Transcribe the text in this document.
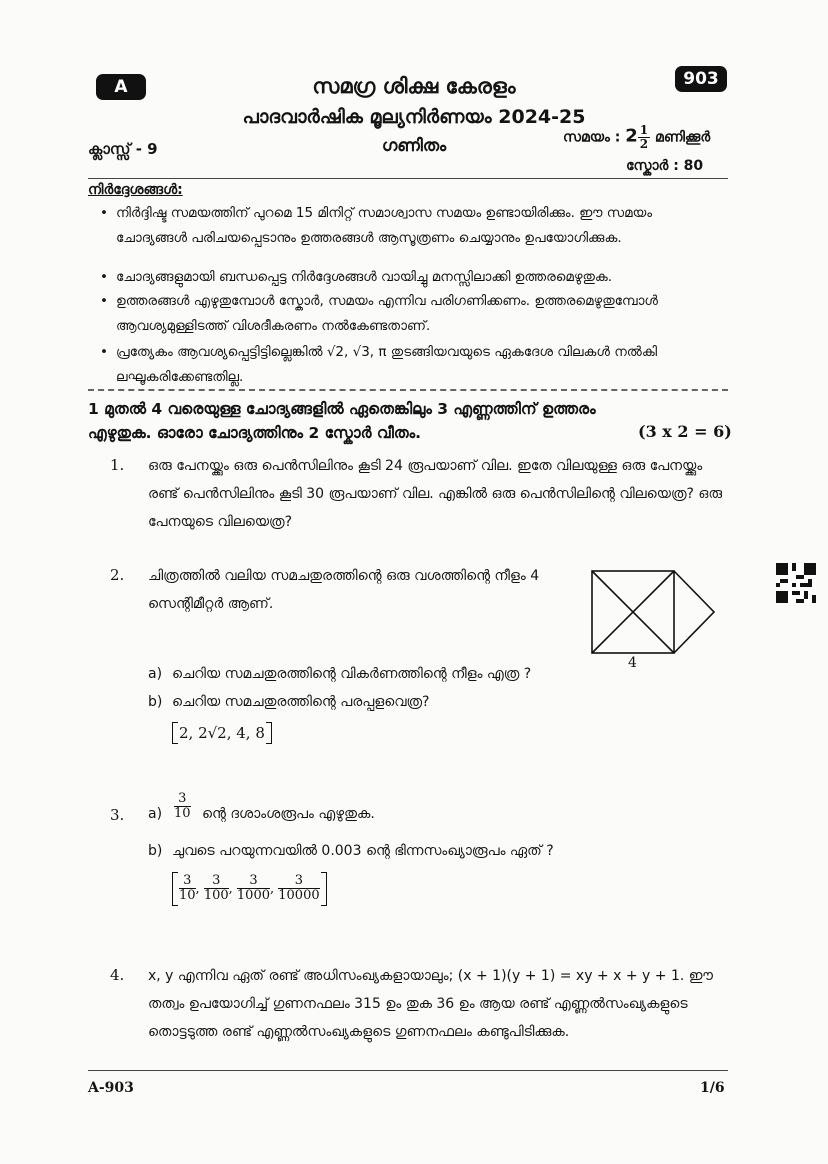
A	903
സമഗ്ര ശിക്ഷ കേരളം
പാദവാർഷിക മൂല്യനിർണയം 2024-25
ക്ലാസ്സ് - 9	ഗണിതം	സമയം : $2 \frac{1}{2}$ മണിക്കൂർ
സ്കോർ : 80
നിർദ്ദേശങ്ങൾ:
• നിർദ്ദിഷ്ട സമയത്തിന് പുറമെ 15 മിനിറ്റ് സമാശ്വാസ സമയം ഉണ്ടായിരിക്കും. ഈ സമയം ചോദ്യങ്ങൾ പരിചയപ്പെടാനും ഉത്തരങ്ങൾ ആസൂത്രണം ചെയ്യാനും ഉപയോഗിക്കുക.
• ചോദ്യങ്ങളുമായി ബന്ധപ്പെട്ട നിർദ്ദേശങ്ങൾ വായിച്ചു മനസ്സിലാക്കി ഉത്തരമെഴുതുക.
• ഉത്തരങ്ങൾ എഴുതുമ്പോൾ സ്കോർ, സമയം എന്നിവ പരിഗണിക്കണം. ഉത്തരമെഴുതുമ്പോൾ ആവശ്യമുള്ളിടത്ത് വിശദീകരണം നൽകേണ്ടതാണ്.
• പ്രത്യേകം ആവശ്യപ്പെട്ടിട്ടില്ലെങ്കിൽ √2, √3, π തുടങ്ങിയവയുടെ ഏകദേശ വിലകൾ നൽകി ലഘൂകരിക്കേണ്ടതില്ല.
1 മുതൽ 4 വരെയുള്ള ചോദ്യങ്ങളിൽ ഏതെങ്കിലും 3 എണ്ണത്തിന് ഉത്തരം
എഴുതുക. ഓരോ ചോദ്യത്തിനും 2 സ്കോർ വീതം.	(3 x 2 = 6)
1. ഒരു പേനയ്ക്കും ഒരു പെൻസിലിനും കൂടി 24 രൂപയാണ് വില. ഇതേ വിലയുള്ള ഒരു പേനയ്ക്കും രണ്ട് പെൻസിലിനും കൂടി 30 രൂപയാണ് വില. എങ്കിൽ ഒരു പെൻസിലിന്റെ വിലയെത്ര? ഒരു പേനയുടെ വിലയെത്ര?
2. ചിത്രത്തിൽ വലിയ സമചതുരത്തിന്റെ ഒരു വശത്തിന്റെ നീളം 4 സെന്റിമീറ്റർ ആണ്.
4
a) ചെറിയ സമചതുരത്തിന്റെ വികർണത്തിന്റെ നീളം എത്ര ?
b) ചെറിയ സമചതുരത്തിന്റെ പരപ്പളവെത്ര?
2, 2√2, 4, 8
3. $a) \frac{3}{10}$ ന്റെ ദശാംശരൂപം എഴുതുക.
b) ചുവടെ പറയുന്നവയിൽ 0.003 ന്റെ ഭിന്നസംഖ്യാരൂപം ഏത് ?
$\frac{3}{10}$ , $\frac{3}{100}$ , $\frac{3}{1000}$ , $\frac{3}{10000}$
4. x, y എന്നിവ ഏത് രണ്ട് അധിസംഖ്യകളായാലും; (x + 1)(y + 1) = xy + x + y + 1. ഈ തത്വം ഉപയോഗിച്ച് ഗുണനഫലം 315 ഉം തുക 36 ഉം ആയ രണ്ട് എണ്ണൽസംഖ്യകളുടെ തൊട്ടടുത്ത രണ്ട് എണ്ണൽസംഖ്യകളുടെ ഗുണനഫലം കണ്ടുപിടിക്കുക.
A-903	1/6
